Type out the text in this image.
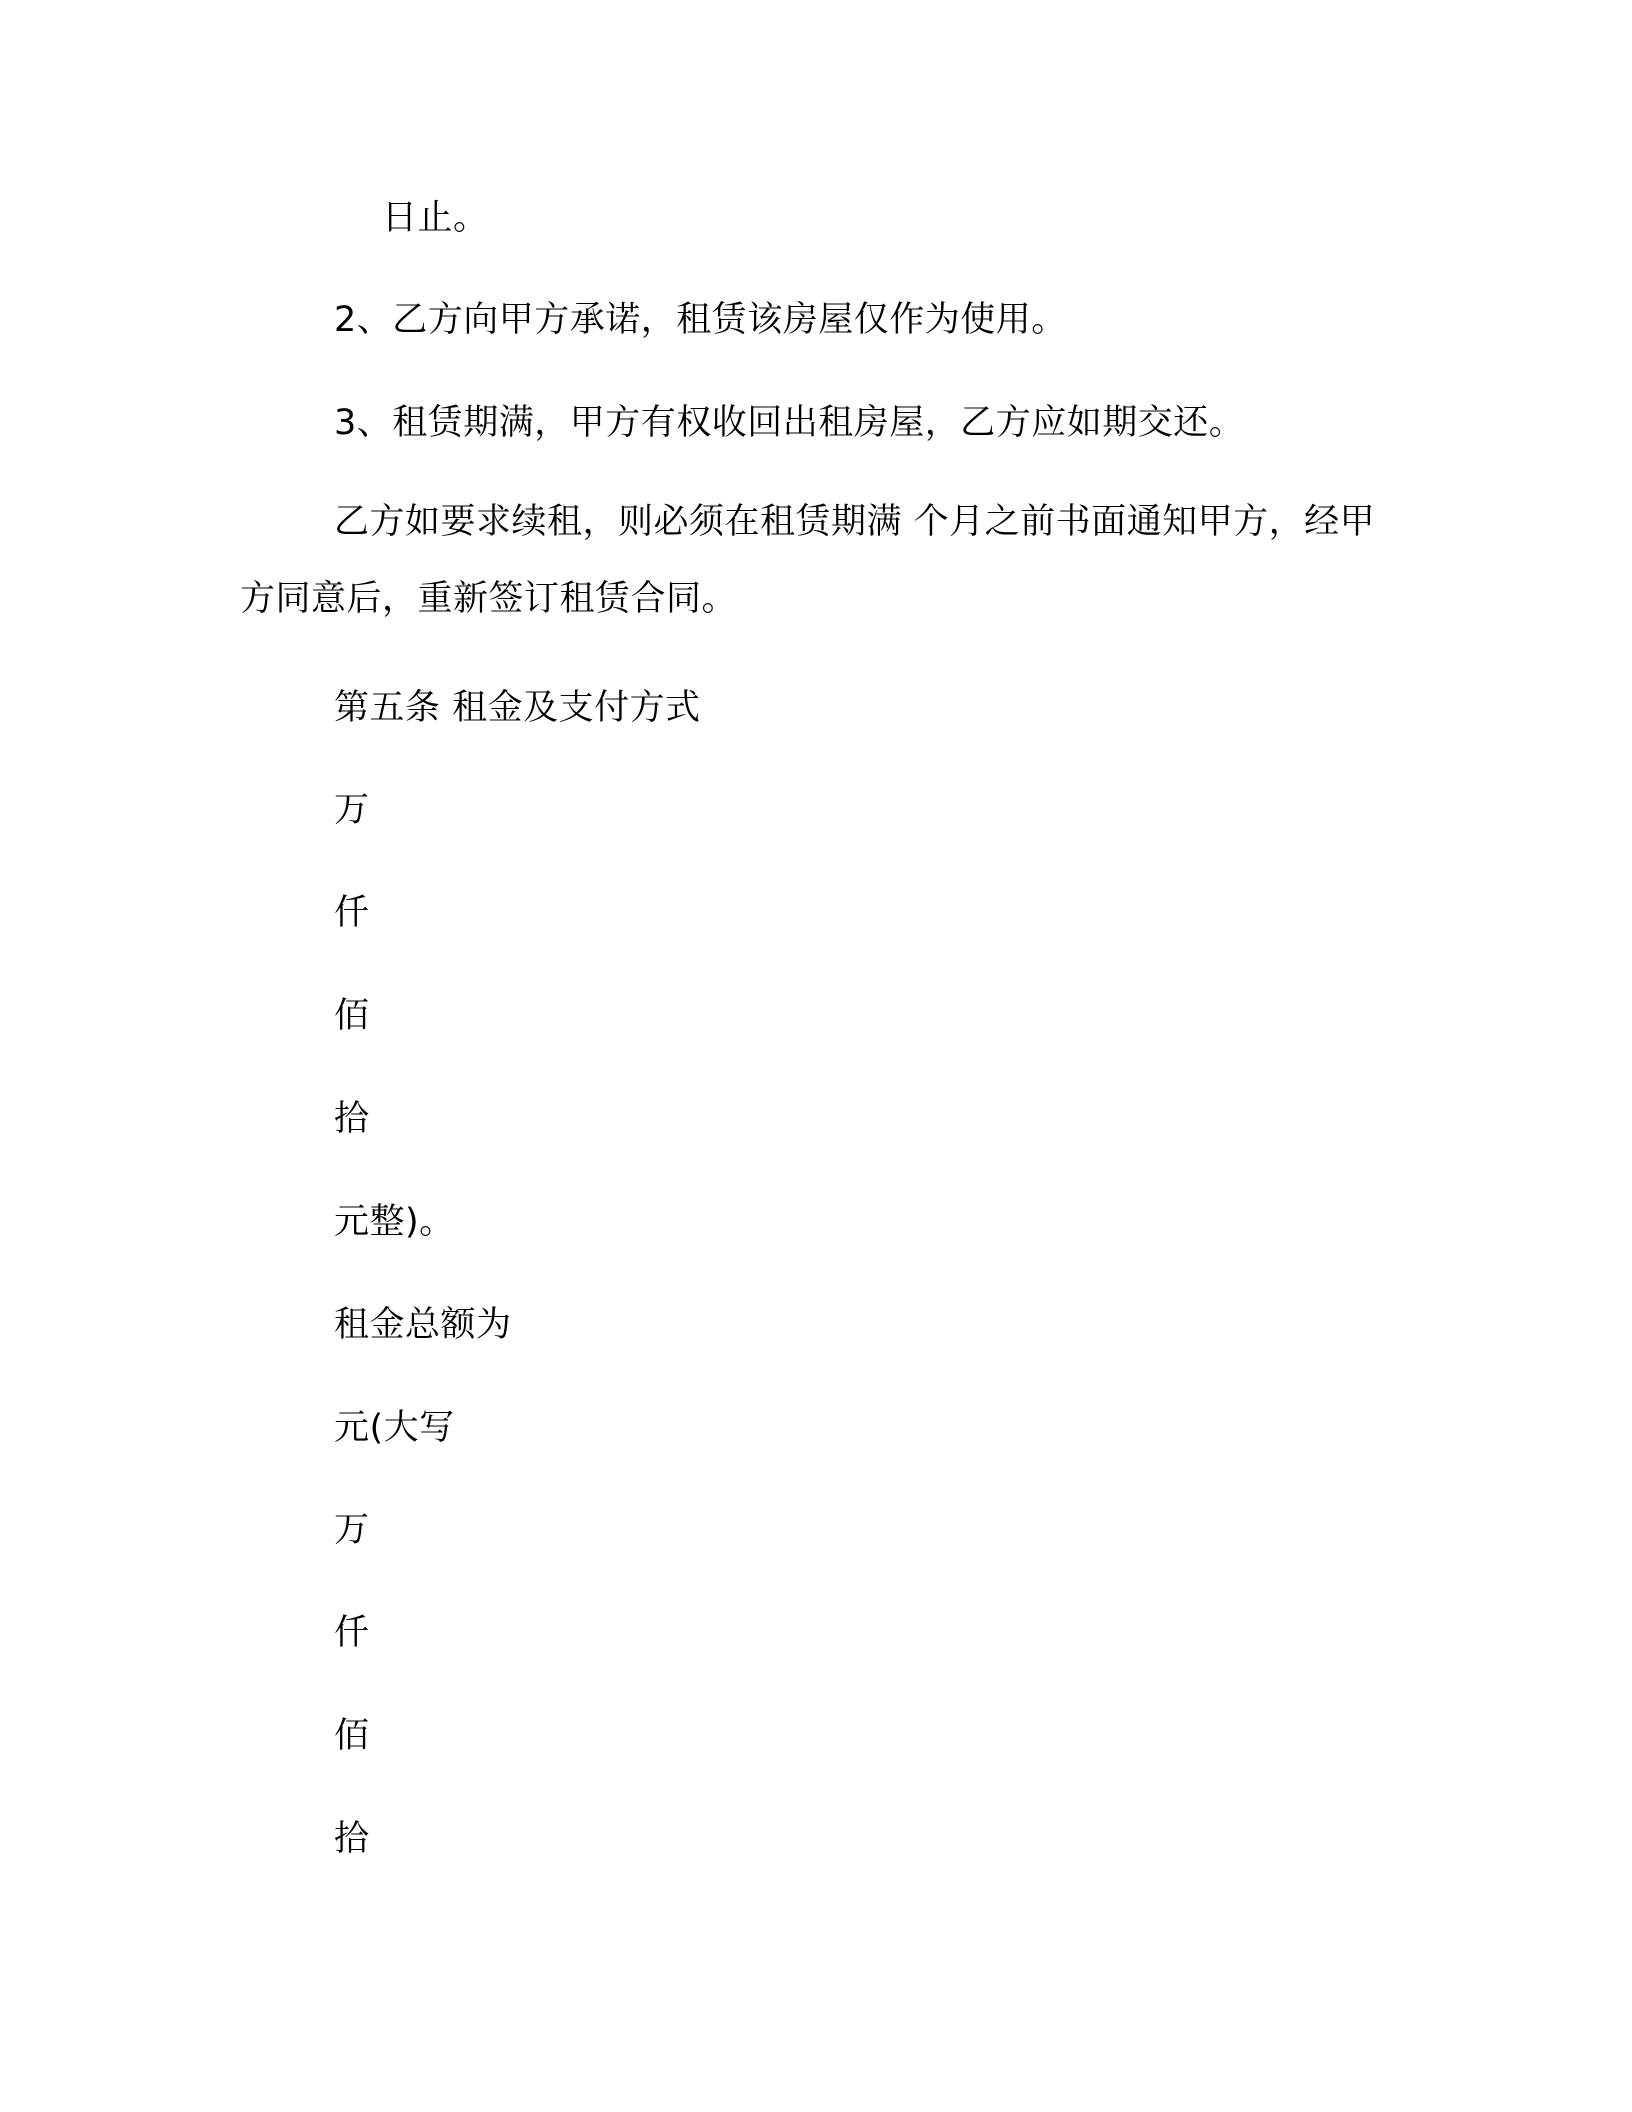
日止。

2、乙方向甲方承诺，租赁该房屋仅作为使用。

3、租赁期满，甲方有权收回出租房屋，乙方应如期交还。

乙方如要求续租，则必须在租赁期满 个月之前书面通知甲方，经甲方同意后，重新签订租赁合同。

第五条 租金及支付方式

万

仟

佰

拾

元整)。

租金总额为

元(大写

万

仟

佰

拾
